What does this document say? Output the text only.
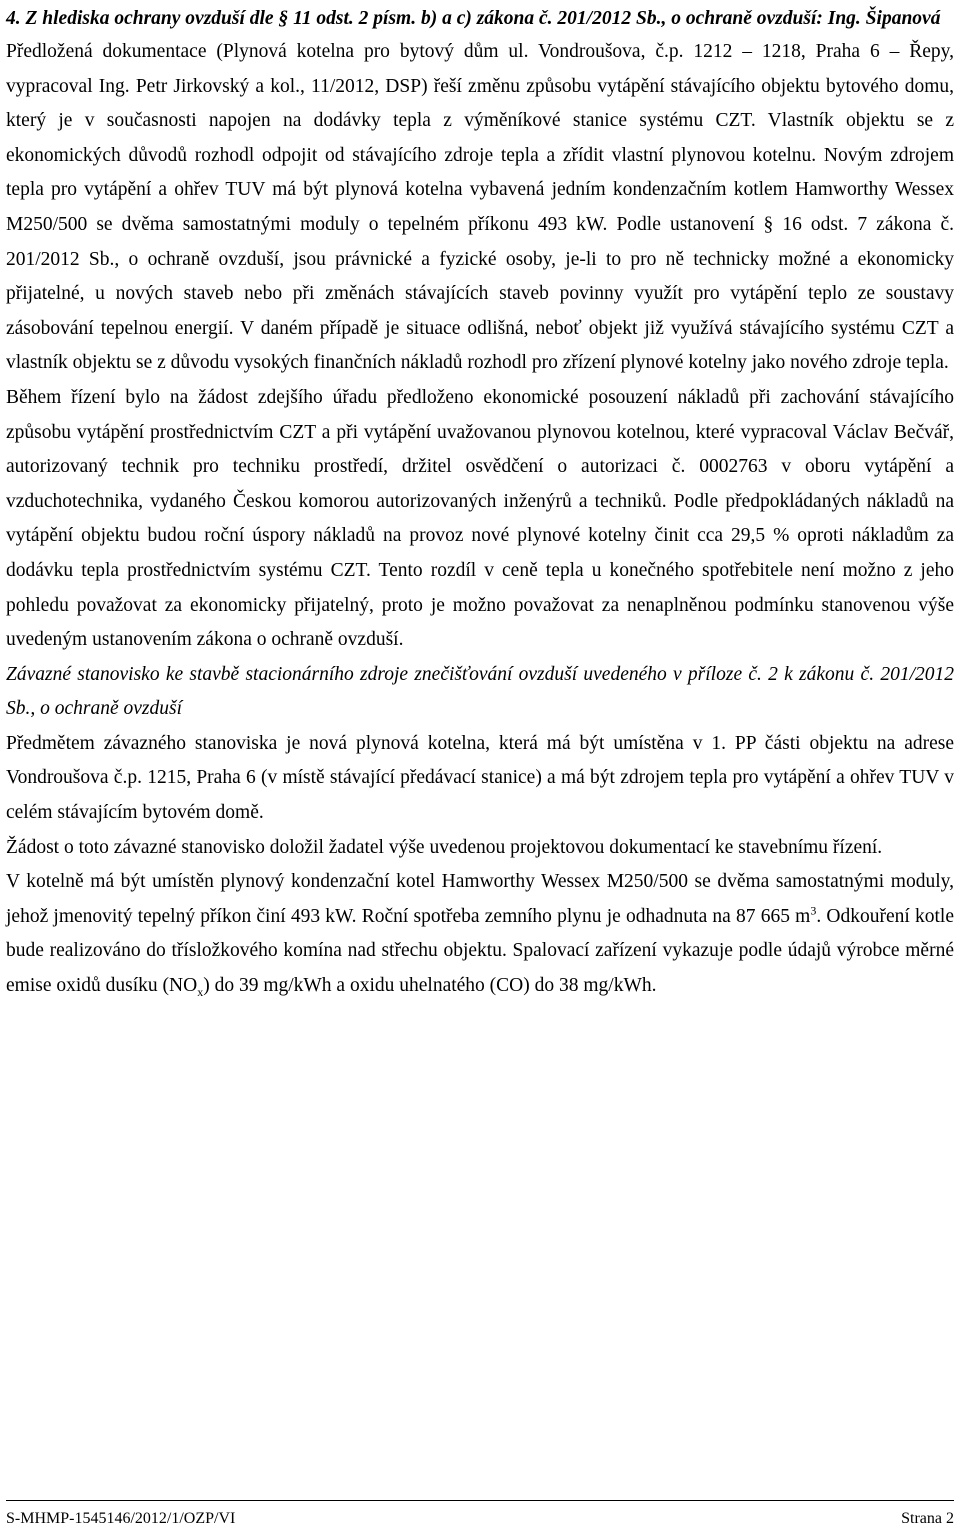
4. Z hlediska ochrany ovzduší dle § 11 odst. 2 písm. b) a c) zákona č. 201/2012 Sb., o ochraně ovzduší: Ing. Šipanová

Předložená dokumentace (Plynová kotelna pro bytový dům ul. Vondroušova, č.p. 1212 – 1218, Praha 6 – Řepy, vypracoval Ing. Petr Jirkovský a kol., 11/2012, DSP) řeší změnu způsobu vytápění stávajícího objektu bytového domu, který je v současnosti napojen na dodávky tepla z výměníkové stanice systému CZT. Vlastník objektu se z ekonomických důvodů rozhodl odpojit od stávajícího zdroje tepla a zřídit vlastní plynovou kotelnu. Novým zdrojem tepla pro vytápění a ohřev TUV má být plynová kotelna vybavená jedním kondenzačním kotlem Hamworthy Wessex M250/500 se dvěma samostatnými moduly o tepelném příkonu 493 kW. Podle ustanovení § 16 odst. 7 zákona č. 201/2012 Sb., o ochraně ovzduší, jsou právnické a fyzické osoby, je-li to pro ně technicky možné a ekonomicky přijatelné, u nových staveb nebo při změnách stávajících staveb povinny využít pro vytápění teplo ze soustavy zásobování tepelnou energií. V daném případě je situace odlišná, neboť objekt již využívá stávajícího systému CZT a vlastník objektu se z důvodu vysokých finančních nákladů rozhodl pro zřízení plynové kotelny jako nového zdroje tepla.

Během řízení bylo na žádost zdejšího úřadu předloženo ekonomické posouzení nákladů při zachování stávajícího způsobu vytápění prostřednictvím CZT a při vytápění uvažovanou plynovou kotelnou, které vypracoval Václav Bečvář, autorizovaný technik pro techniku prostředí, držitel osvědčení o autorizaci č. 0002763 v oboru vytápění a vzduchotechnika, vydaného Českou komorou autorizovaných inženýrů a techniků. Podle předpokládaných nákladů na vytápění objektu budou roční úspory nákladů na provoz nové plynové kotelny činit cca 29,5 % oproti nákladům za dodávku tepla prostřednictvím systému CZT. Tento rozdíl v ceně tepla u konečného spotřebitele není možno z jeho pohledu považovat za ekonomicky přijatelný, proto je možno považovat za nenaplněnou podmínku stanovenou výše uvedeným ustanovením zákona o ochraně ovzduší.

Závazné stanovisko ke stavbě stacionárního zdroje znečišťování ovzduší uvedeného v příloze č. 2 k zákonu č. 201/2012 Sb., o ochraně ovzduší

Předmětem závazného stanoviska je nová plynová kotelna, která má být umístěna v 1. PP části objektu na adrese Vondroušova č.p. 1215, Praha 6 (v místě stávající předávací stanice) a má být zdrojem tepla pro vytápění a ohřev TUV v celém stávajícím bytovém domě.

Žádost o toto závazné stanovisko doložil žadatel výše uvedenou projektovou dokumentací ke stavebnímu řízení.

V kotelně má být umístěn plynový kondenzační kotel Hamworthy Wessex M250/500 se dvěma samostatnými moduly, jehož jmenovitý tepelný příkon činí 493 kW. Roční spotřeba zemního plynu je odhadnuta na 87 665 $m^3$. Odkouření kotle bude realizováno do třísložkového komína nad střechu objektu. Spalovací zařízení vykazuje podle údajů výrobce měrné emise oxidů dusíku $(NO_x)$ do 39 mg/kWh a oxidu uhelnatého (CO) do 38 mg/kWh.

S-MHMP-1545146/2012/1/OZP/VI	Strana 2
